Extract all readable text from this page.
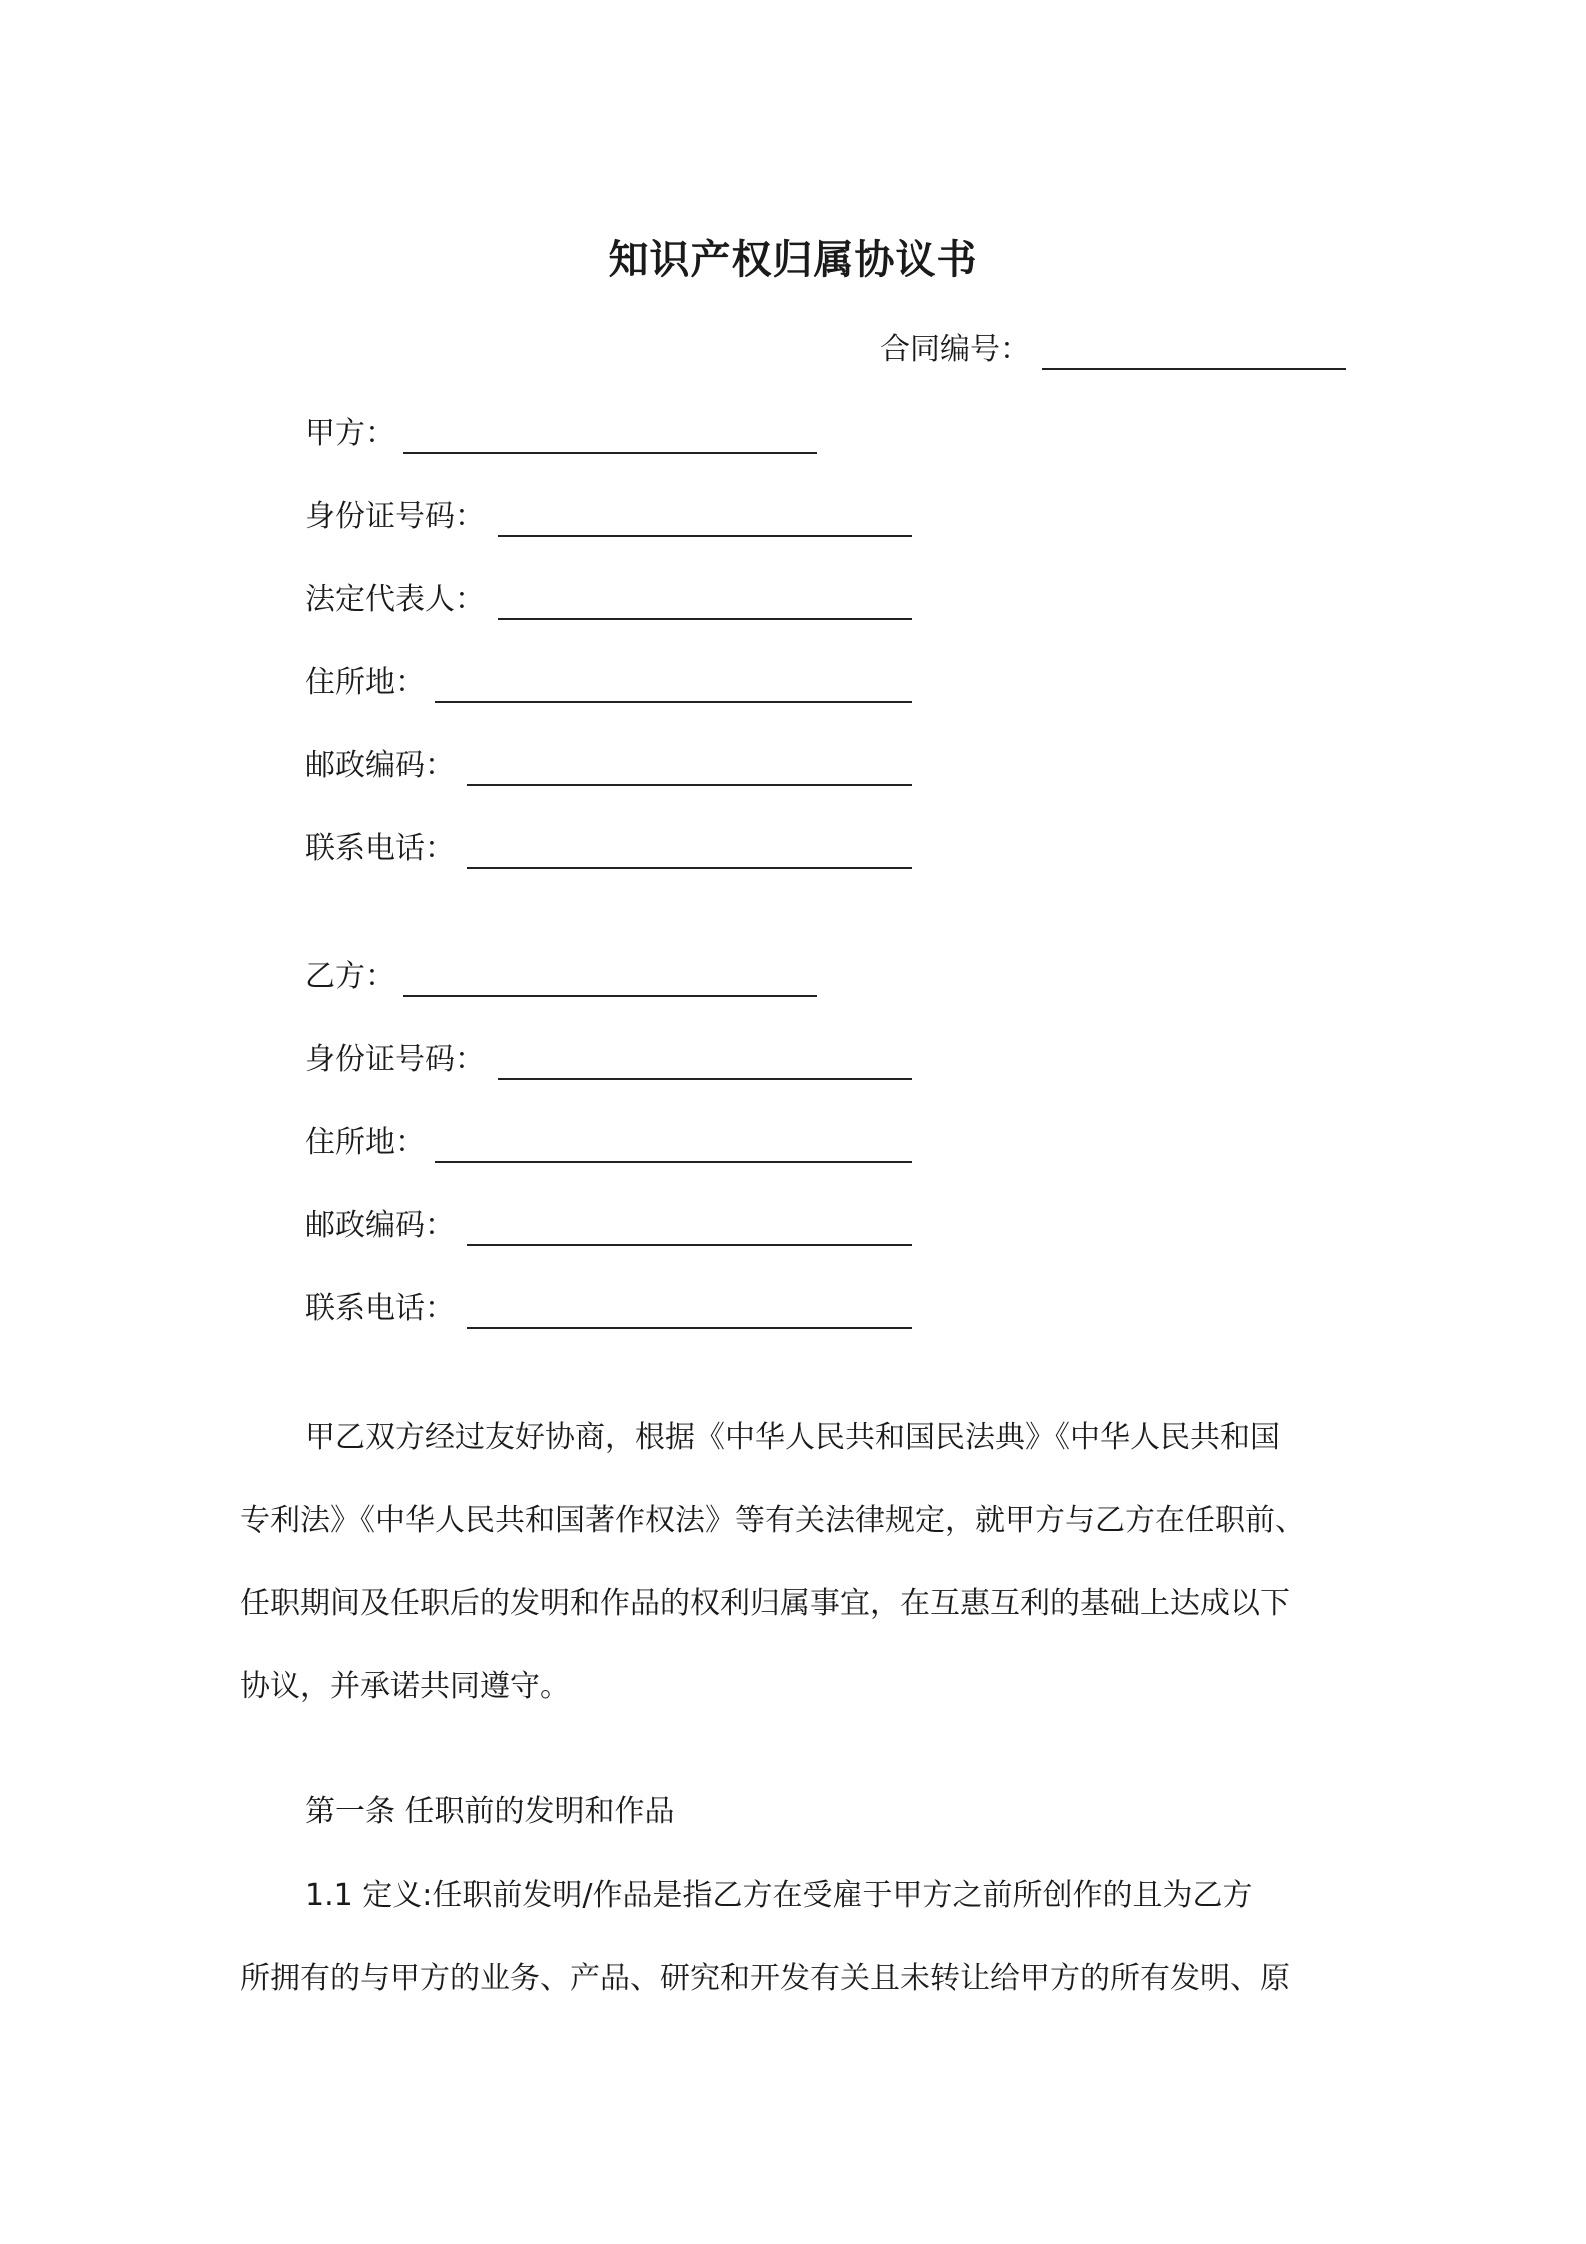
知识产权归属协议书
合同编号：
甲方：
身份证号码：
法定代表人：
住所地：
邮政编码：
联系电话：
乙方：
身份证号码：
住所地：
邮政编码：
联系电话：
甲乙双方经过友好协商，根据《中华人民共和国民法典》《中华人民共和国
专利法》《中华人民共和国著作权法》等有关法律规定，就甲方与乙方在任职前、
任职期间及任职后的发明和作品的权利归属事宜，在互惠互利的基础上达成以下
协议，并承诺共同遵守。
第一条 任职前的发明和作品
1.1 定义:任职前发明/作品是指乙方在受雇于甲方之前所创作的且为乙方
所拥有的与甲方的业务、产品、研究和开发有关且未转让给甲方的所有发明、原
